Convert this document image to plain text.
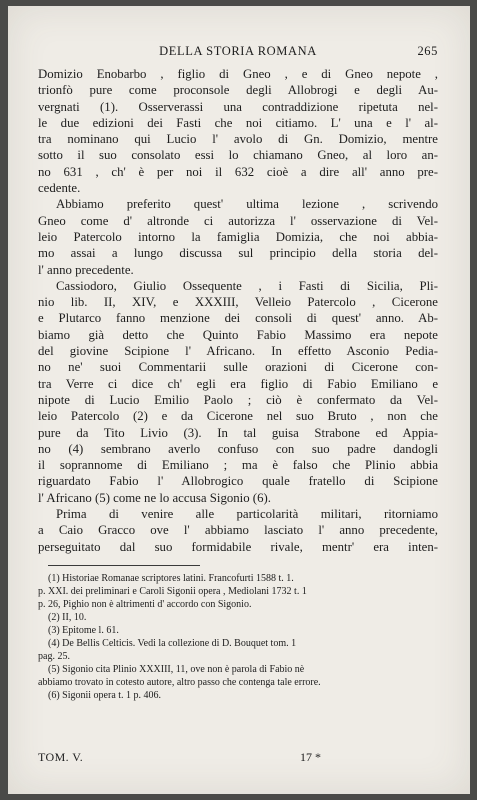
DELLA STORIA ROMANA	265
Domizio Enobarbo , figlio di Gneo , e di Gneo nepote ,
trionfò pure come proconsole degli Allobrogi e degli Au-
vergnati (1). Osserverassi una contraddizione ripetuta nel-
le due edizioni dei Fasti che noi citiamo. L' una e l' al-
tra nominano qui Lucio l' avolo di Gn. Domizio, mentre
sotto il suo consolato essi lo chiamano Gneo, al loro an-
no 631 , ch' è per noi il 632 cioè a dire all' anno pre-
cedente.
Abbiamo preferito quest' ultima lezione , scrivendo
Gneo come d' altronde ci autorizza l' osservazione di Vel-
leio Patercolo intorno la famiglia Domizia, che noi abbia-
mo assai a lungo discussa sul principio della storia del-
l' anno precedente.
Cassiodoro, Giulio Ossequente , i Fasti di Sicilia, Pli-
nio lib. II, XIV, e XXXIII, Velleio Patercolo , Cicerone
e Plutarco fanno menzione dei consoli di quest' anno. Ab-
biamo già detto che Quinto Fabio Massimo era nepote
del giovine Scipione l' Africano. In effetto Asconio Pedia-
no ne' suoi Commentarii sulle orazioni di Cicerone con-
tra Verre ci dice ch' egli era figlio di Fabio Emiliano e
nipote di Lucio Emilio Paolo ; ciò è confermato da Vel-
leio Patercolo (2) e da Cicerone nel suo Bruto , non che
pure da Tito Livio (3). In tal guisa Strabone ed Appia-
no (4) sembrano averlo confuso con suo padre dandogli
il soprannome di Emiliano ; ma è falso che Plinio abbia
riguardato Fabio l' Allobrogico quale fratello di Scipione
l' Africano (5) come ne lo accusa Sigonio (6).
Prima di venire alle particolarità militari, ritorniamo
a Caio Gracco ove l' abbiamo lasciato l' anno precedente,
perseguitato dal suo formidabile rivale, mentr' era inten-
(1) Historiae Romanae scriptores latini. Francofurti 1588 t. 1.
p. XXI. dei preliminari e Caroli Sigonii opera , Mediolani 1732 t. 1
p. 26, Pighio non è altrimenti d' accordo con Sigonio.
(2) II, 10.
(3) Epitome l. 61.
(4) De Bellis Celticis. Vedi la collezione di D. Bouquet tom. 1
pag. 25.
(5) Sigonio cita Plinio XXXIII, 11, ove non è parola di Fabio nè
abbiamo trovato in cotesto autore, altro passo che contenga tale errore.
(6) Sigonii opera t. 1 p. 406.
TOM. V.	17 *
